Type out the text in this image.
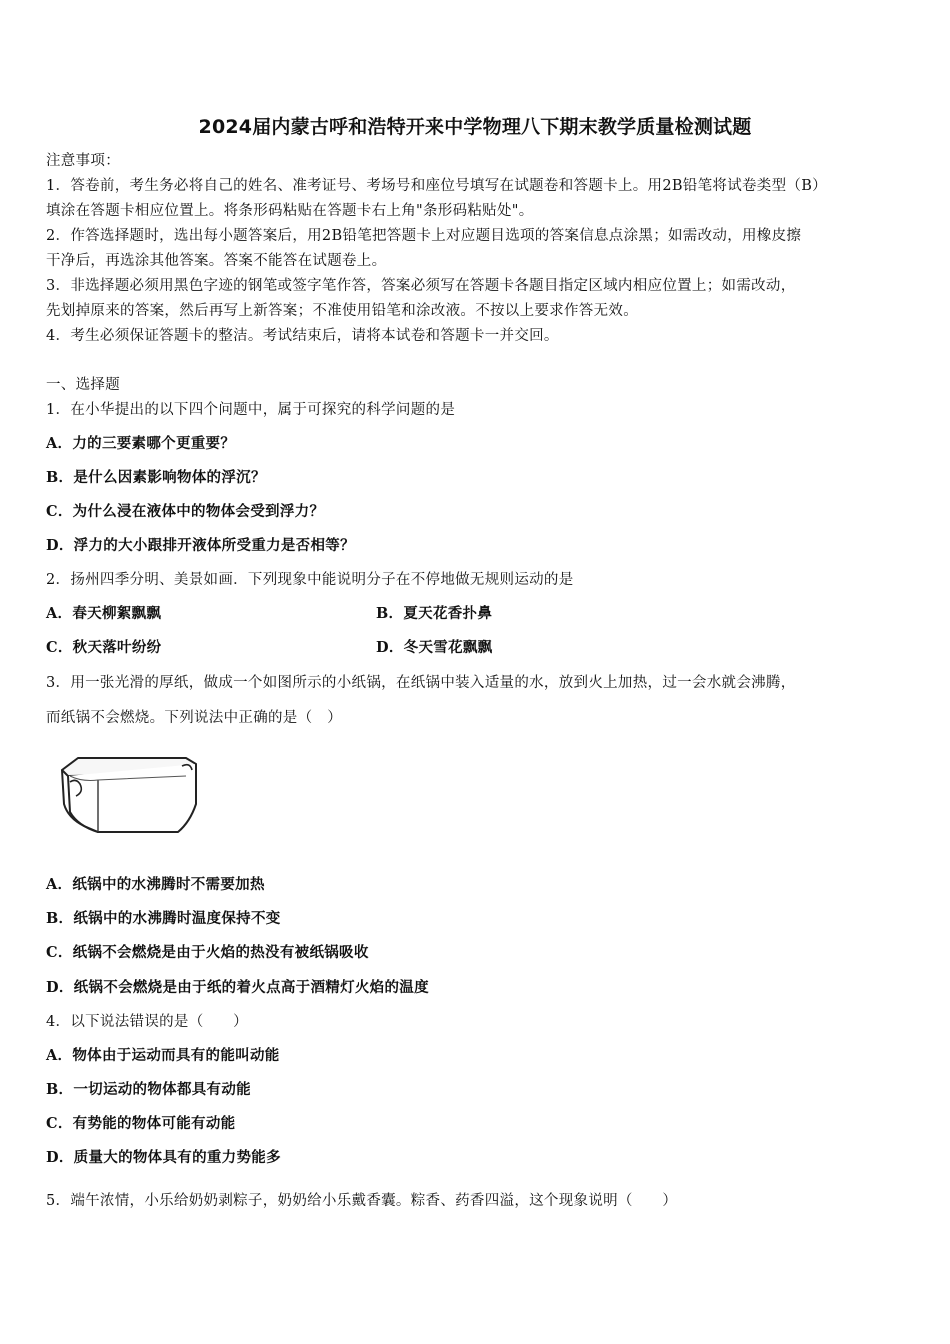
2024届内蒙古呼和浩特开来中学物理八下期末教学质量检测试题
注意事项：
1．答卷前，考生务必将自己的姓名、准考证号、考场号和座位号填写在试题卷和答题卡上。用2B铅笔将试卷类型（B）
填涂在答题卡相应位置上。将条形码粘贴在答题卡右上角"条形码粘贴处"。
2．作答选择题时，选出每小题答案后，用2B铅笔把答题卡上对应题目选项的答案信息点涂黑；如需改动，用橡皮擦
干净后，再选涂其他答案。答案不能答在试题卷上。
3．非选择题必须用黑色字迹的钢笔或签字笔作答，答案必须写在答题卡各题目指定区域内相应位置上；如需改动，
先划掉原来的答案，然后再写上新答案；不准使用铅笔和涂改液。不按以上要求作答无效。
4．考生必须保证答题卡的整洁。考试结束后，请将本试卷和答题卡一并交回。
一、选择题
1．在小华提出的以下四个问题中，属于可探究的科学问题的是
A．力的三要素哪个更重要？
B．是什么因素影响物体的浮沉？
C．为什么浸在液体中的物体会受到浮力？
D．浮力的大小跟排开液体所受重力是否相等？
2．扬州四季分明、美景如画．下列现象中能说明分子在不停地做无规则运动的是
A．春天柳絮飘飘	B．夏天花香扑鼻
C．秋天落叶纷纷	D．冬天雪花飘飘
3．用一张光滑的厚纸，做成一个如图所示的小纸锅，在纸锅中装入适量的水，放到火上加热，过一会水就会沸腾，
而纸锅不会燃烧。下列说法中正确的是（　）
A．纸锅中的水沸腾时不需要加热
B．纸锅中的水沸腾时温度保持不变
C．纸锅不会燃烧是由于火焰的热没有被纸锅吸收
D．纸锅不会燃烧是由于纸的着火点高于酒精灯火焰的温度
4．以下说法错误的是（　　）
A．物体由于运动而具有的能叫动能
B．一切运动的物体都具有动能
C．有势能的物体可能有动能
D．质量大的物体具有的重力势能多
5．端午浓情，小乐给奶奶剥粽子，奶奶给小乐戴香囊。粽香、药香四溢，这个现象说明（　　）
